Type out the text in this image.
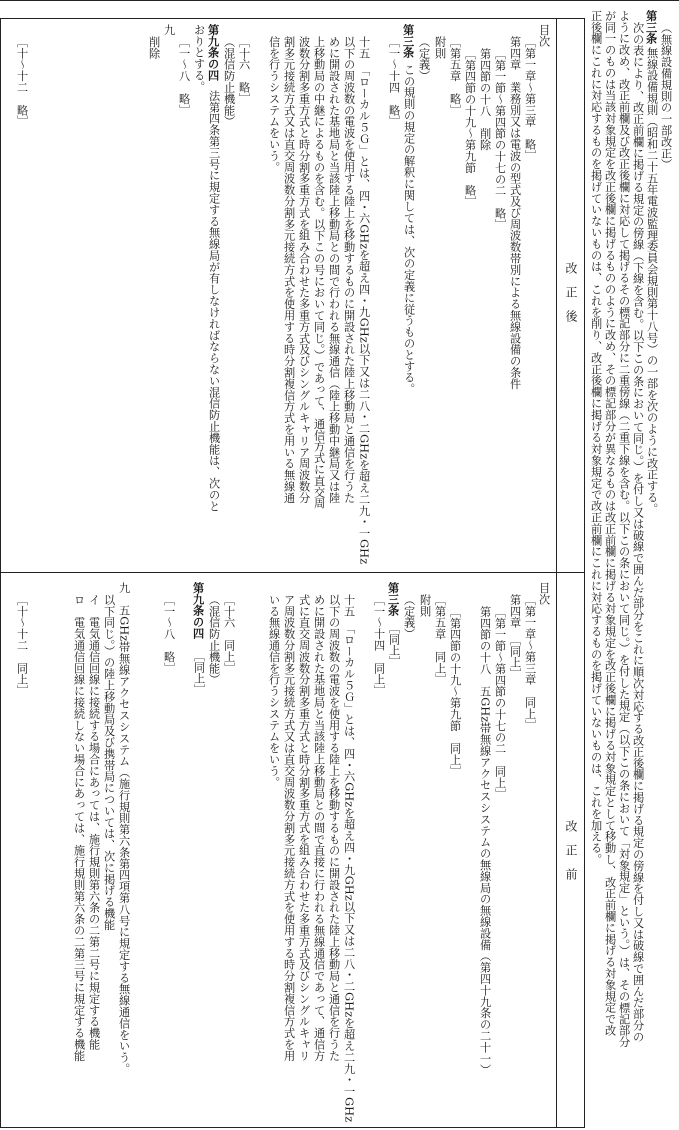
（無線設備規則の一部改正）
第三条
無線設備規則（昭和二十五年電波監理委員会規則第十八号）の一部を次のように改正する。
次の表により、改正前欄に掲げる規定の傍線（下線を含む。以下この条において同じ。）を付し又は破線で囲んだ部分をこれに順次対応する改正後欄に掲げる規定の傍線を付し又は破線で囲んだ部分の
ように改め、改正前欄及び改正後欄に対応して掲げるその標記部分に二重傍線（二重下線を含む。以下この条において同じ。）を付した規定（以下この条において「対象規定」という。）は、その標記部分
が同一のものは当該対象規定を改正後欄に掲げるもののように改め、その標記部分が異なるものは改正前欄に掲げる対象規定を改正後欄に掲げる対象規定として移動し、改正前欄に掲げる対象規定で改
正後欄にこれに対応するものを掲げていないものは、これを削り、改正後欄に掲げる対象規定で改正前欄にこれに対応するものを掲げていないものは、これを加える。
改　正　後
改　正　前
目次
［第一章～第三章　略］
第四章　業務別又は電波の型式及び周波数帯別による無線設備の条件
［第一節～第四節の十七の二　略］
第四節の十八　削除
［第四節の十九～第九節　略］
［第五章　略］
附則
（定義）
第三条
この規則の規定の解釈に関しては、次の定義に従うものとする。
［一～十四　略］
十五　「ローカル５Ｇ」とは、四・六GHzを超え四・九GHz以下又は二八・二GHzを超え二九・一GHz
以下の周波数の電波を使用する陸上を移動するものに開設された陸上移動局と通信を行うた
めに開設された基地局と当該陸上移動局との間で行われる無線通信（陸上移動中継局又は陸
上移動局の中継によるものを含む。以下この号において同じ。）であって、通信方式に直交周
波数分割多重方式と時分割多重方式を組み合わせた多重方式及びシングルキャリア周波数分
割多元接続方式又は直交周波数分割多元接続方式を使用する時分割複信方式を用いる無線通
信を行うシステムをいう。
［十六　略］
（混信防止機能）
第九条の四
法第四条第三号に規定する無線局が有しなければならない混信防止機能は、次のと
おりとする。
［一～八　略］
九
削除
［十～十二　略］
目次
［第一章～第三章　同上］
第四章　［同上］
［第一節～第四節の十七の二　同上］
第四節の十八　五GHz帯無線アクセスシステムの無線局の無線設備（第四十九条の二十一）
［第四節の十九～第九節　同上］
［第五章　同上］
附則
（定義）
第三条
［同上］
［一～十四　同上］
十五　「ローカル５Ｇ」とは、四・六GHzを超え四・九GHz以下又は二八・二GHzを超え二九・一GHz
以下の周波数の電波を使用する陸上を移動するものに開設された陸上移動局と通信を行うた
めに開設された基地局と当該陸上移動局との間で直接に行われる無線通信であって、通信方
式に直交周波数分割多重方式と時分割多重方式を組み合わせた多重方式及びシングルキャリ
ア周波数分割多元接続方式又は直交周波数分割多元接続方式を使用する時分割複信方式を用
いる無線通信を行うシステムをいう。
［十六　同上］
（混信防止機能）
第九条の四
［同上］
［一～八　略］
九　五GHz帯無線アクセスシステム（施行規則第六条第四項第八号に規定する無線通信をいう。
以下同じ。）の陸上移動局及び携帯局については、次に掲げる機能
イ　電気通信回線に接続する場合にあっては、施行規則第六条の二第二号に規定する機能
ロ　電気通信回線に接続しない場合にあっては、施行規則第六条の二第三号に規定する機能
［十～十二　同上］
